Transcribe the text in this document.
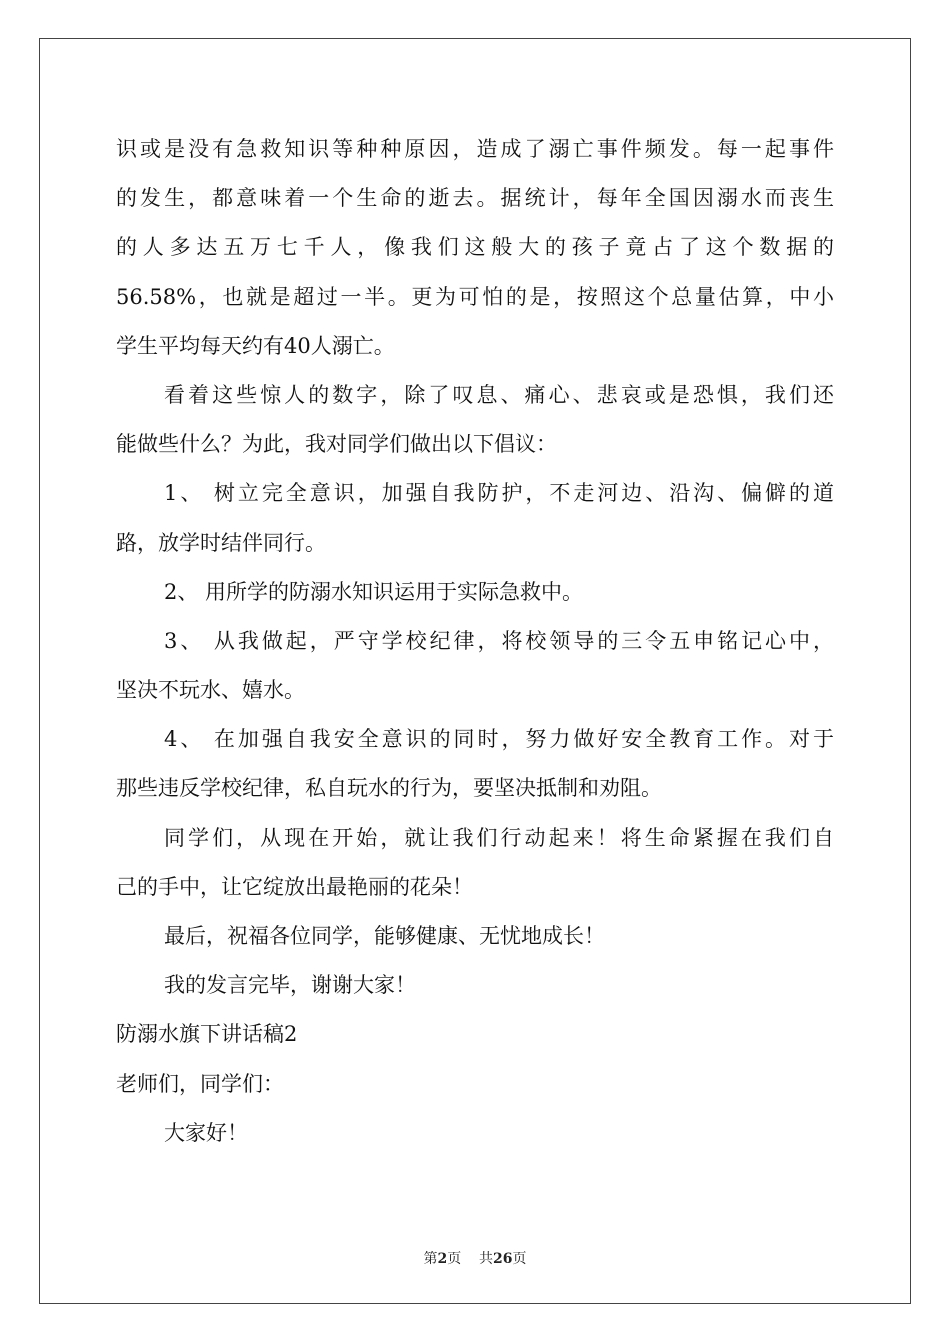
识或是没有急救知识等种种原因，造成了溺亡事件频发。每一起事件
的发生，都意味着一个生命的逝去。据统计，每年全国因溺水而丧生
的人多达五万七千人，像我们这般大的孩子竟占了这个数据的
56.58%，也就是超过一半。更为可怕的是，按照这个总量估算，中小
学生平均每天约有40人溺亡。
看着这些惊人的数字，除了叹息、痛心、悲哀或是恐惧，我们还
能做些什么？为此，我对同学们做出以下倡议：
1、 树立完全意识，加强自我防护，不走河边、沿沟、偏僻的道
路，放学时结伴同行。
2、 用所学的防溺水知识运用于实际急救中。
3、 从我做起，严守学校纪律，将校领导的三令五申铭记心中，
坚决不玩水、嬉水。
4、 在加强自我安全意识的同时，努力做好安全教育工作。对于
那些违反学校纪律，私自玩水的行为，要坚决抵制和劝阻。
同学们，从现在开始，就让我们行动起来！将生命紧握在我们自
己的手中，让它绽放出最艳丽的花朵！
最后，祝福各位同学，能够健康、无忧地成长！
我的发言完毕，谢谢大家！
防溺水旗下讲话稿2
老师们，同学们：
大家好！
第2页 共26页
